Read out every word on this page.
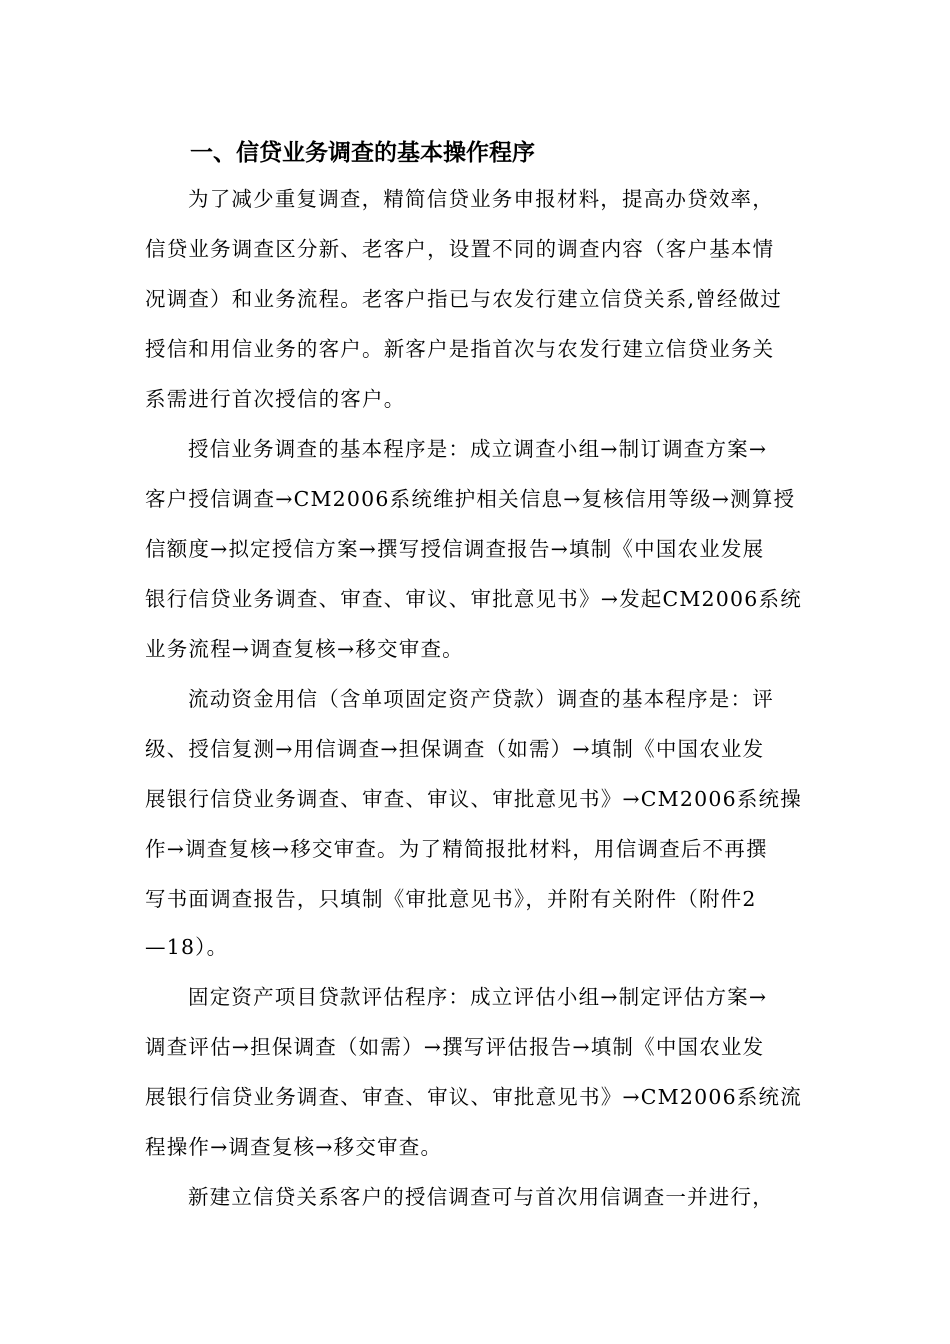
一、信贷业务调查的基本操作程序

为了减少重复调查，精简信贷业务申报材料，提高办贷效率，

信贷业务调查区分新、老客户，设置不同的调查内容（客户基本情

况调查）和业务流程。老客户指已与农发行建立信贷关系,曾经做过

授信和用信业务的客户。新客户是指首次与农发行建立信贷业务关

系需进行首次授信的客户。

授信业务调查的基本程序是：成立调查小组→制订调查方案→

客户授信调查→CM2006系统维护相关信息→复核信用等级→测算授

信额度→拟定授信方案→撰写授信调查报告→填制《中国农业发展

银行信贷业务调查、审查、审议、审批意见书》→发起CM2006系统

业务流程→调查复核→移交审查。

流动资金用信（含单项固定资产贷款）调查的基本程序是：评

级、授信复测→用信调查→担保调查（如需）→填制《中国农业发

展银行信贷业务调查、审查、审议、审批意见书》→CM2006系统操

作→调查复核→移交审查。为了精简报批材料，用信调查后不再撰

写书面调查报告，只填制《审批意见书》，并附有关附件（附件2

—18）。

固定资产项目贷款评估程序：成立评估小组→制定评估方案→

调查评估→担保调查（如需）→撰写评估报告→填制《中国农业发

展银行信贷业务调查、审查、审议、审批意见书》→CM2006系统流

程操作→调查复核→移交审查。

新建立信贷关系客户的授信调查可与首次用信调查一并进行，
